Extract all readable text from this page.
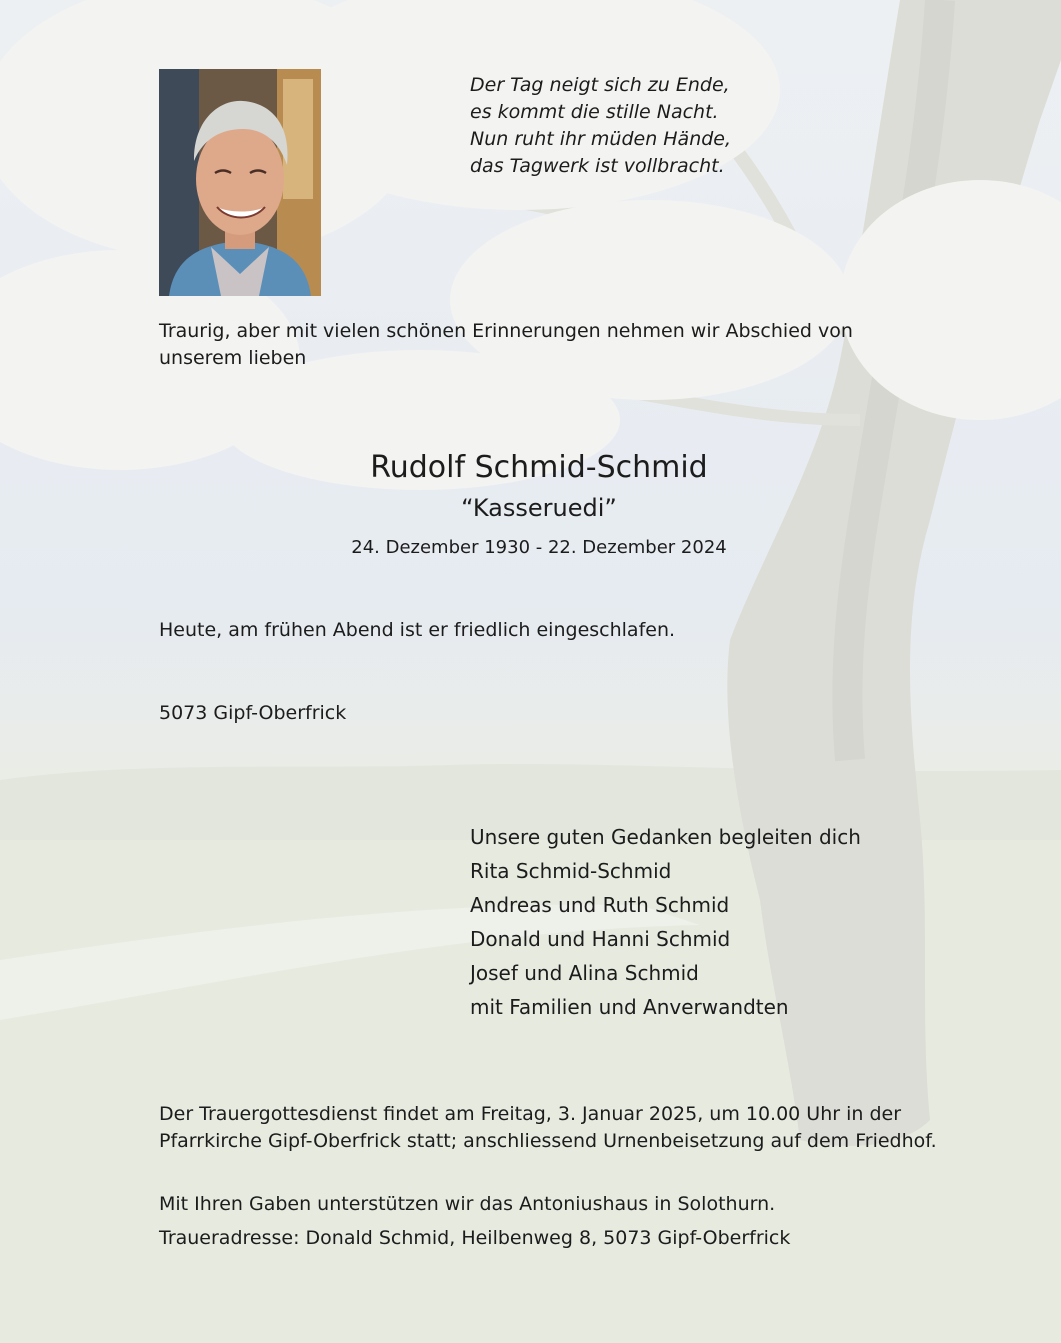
Der Tag neigt sich zu Ende,
es kommt die stille Nacht.
Nun ruht ihr müden Hände,
das Tagwerk ist vollbracht.
Traurig, aber mit vielen schönen Erinnerungen nehmen wir Abschied von unserem lieben
Rudolf Schmid-Schmid
“Kasseruedi”
24. Dezember 1930 - 22. Dezember 2024
Heute, am frühen Abend ist er friedlich eingeschlafen.
5073 Gipf-Oberfrick
Unsere guten Gedanken begleiten dich
Rita Schmid-Schmid
Andreas und Ruth Schmid
Donald und Hanni Schmid
Josef und Alina Schmid
mit Familien und Anverwandten
Der Trauergottesdienst findet am Freitag, 3. Januar 2025, um 10.00 Uhr in der Pfarrkirche Gipf-Oberfrick statt; anschliessend Urnenbeisetzung auf dem Friedhof.
Mit Ihren Gaben unterstützen wir das Antoniushaus in Solothurn.
Traueradresse: Donald Schmid, Heilbenweg 8, 5073 Gipf-Oberfrick
